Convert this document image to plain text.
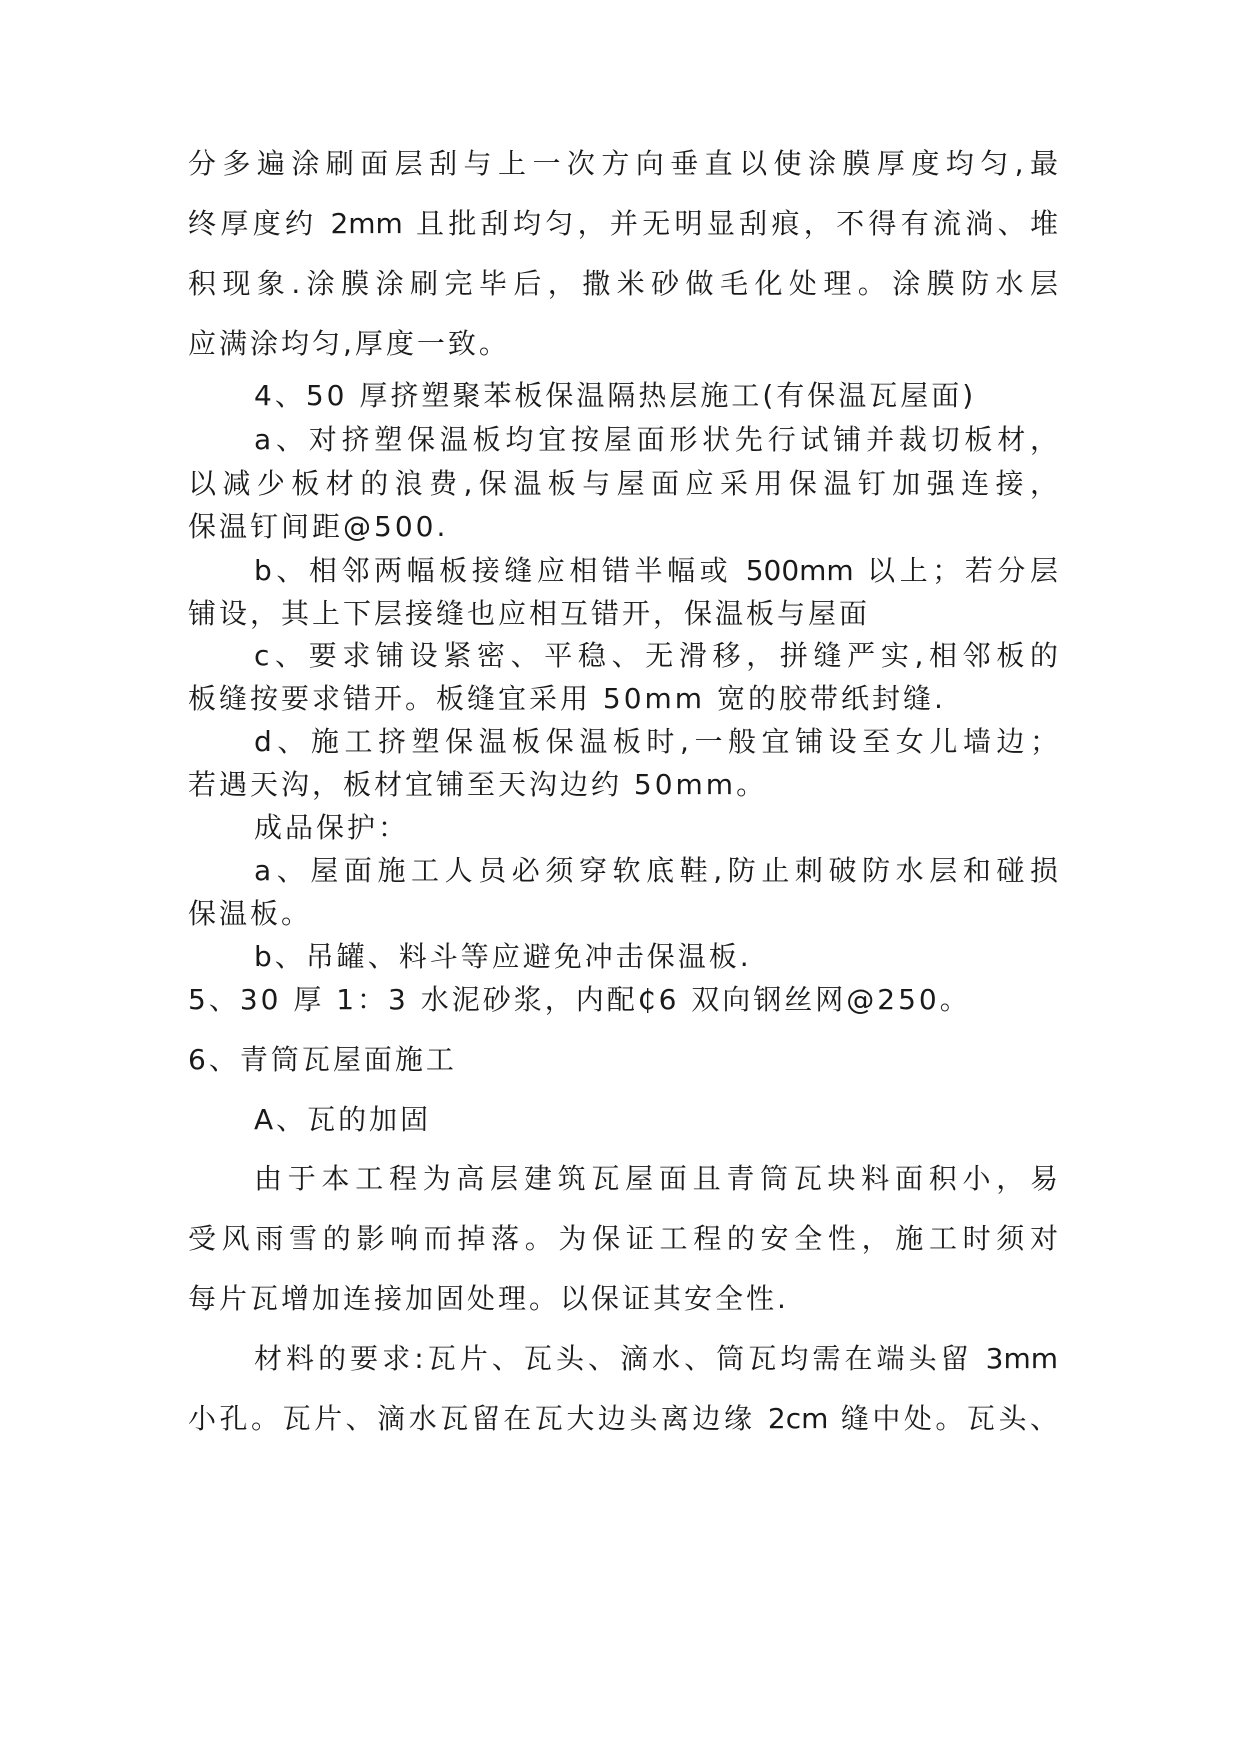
分多遍涂刷面层刮与上一次方向垂直以使涂膜厚度均匀,最
终厚度约 2mm 且批刮均匀，并无明显刮痕，不得有流淌、堆
积现象.涂膜涂刷完毕后，撒米砂做毛化处理。涂膜防水层
应满涂均匀,厚度一致。
4、50 厚挤塑聚苯板保温隔热层施工(有保温瓦屋面)
a、对挤塑保温板均宜按屋面形状先行试铺并裁切板材，
以减少板材的浪费,保温板与屋面应采用保温钉加强连接，
保温钉间距@500.
b、相邻两幅板接缝应相错半幅或 500mm 以上；若分层
铺设，其上下层接缝也应相互错开，保温板与屋面
c、要求铺设紧密、平稳、无滑移，拼缝严实,相邻板的
板缝按要求错开。板缝宜采用 50mm 宽的胶带纸封缝.
d、施工挤塑保温板保温板时,一般宜铺设至女儿墙边；
若遇天沟，板材宜铺至天沟边约 50mm。
成品保护：
a、屋面施工人员必须穿软底鞋,防止刺破防水层和碰损
保温板。
b、吊罐、料斗等应避免冲击保温板.
5、30 厚 1：3 水泥砂浆，内配₵6 双向钢丝网@250。
6、青筒瓦屋面施工
A、瓦的加固
由于本工程为高层建筑瓦屋面且青筒瓦块料面积小，易
受风雨雪的影响而掉落。为保证工程的安全性，施工时须对
每片瓦增加连接加固处理。以保证其安全性.
材料的要求:瓦片、瓦头、滴水、筒瓦均需在端头留 3mm
小孔。瓦片、滴水瓦留在瓦大边头离边缘 2cm 缝中处。瓦头、
